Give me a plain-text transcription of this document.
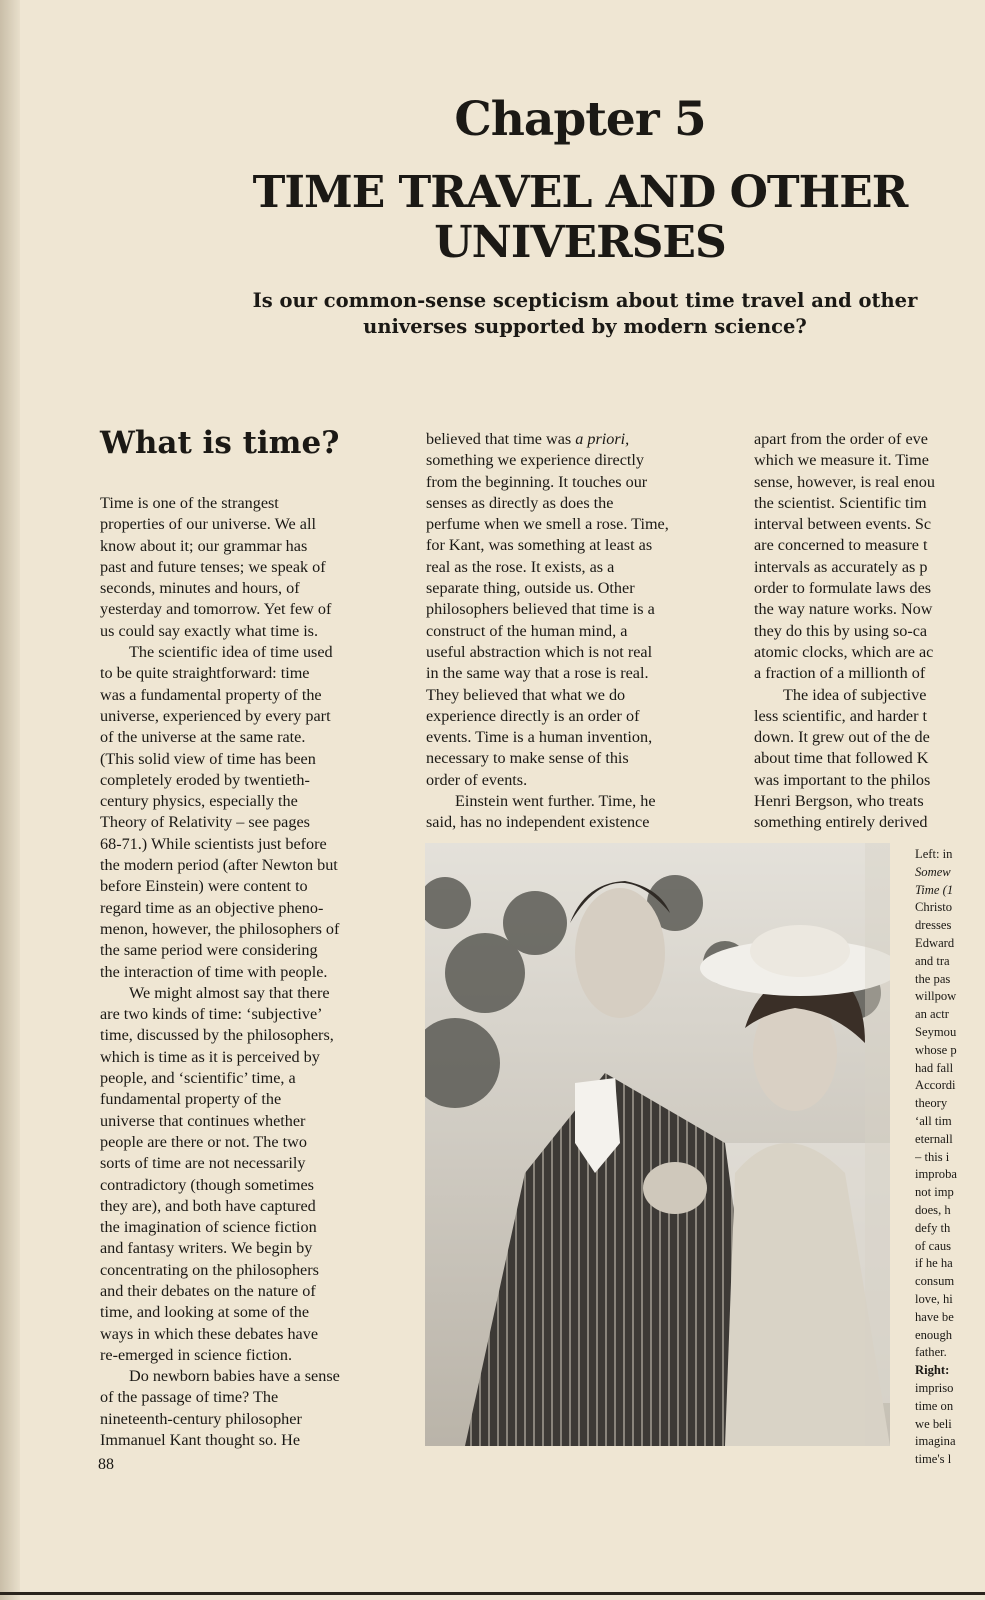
Chapter 5
TIME TRAVEL AND OTHER
UNIVERSES
Is our common-sense scepticism about time travel and other
universes supported by modern science?
What is time?
Time is one of the strangest
properties of our universe. We all
know about it; our grammar has
past and future tenses; we speak of
seconds, minutes and hours, of
yesterday and tomorrow. Yet few of
us could say exactly what time is.
The scientific idea of time used
to be quite straightforward: time
was a fundamental property of the
universe, experienced by every part
of the universe at the same rate.
(This solid view of time has been
completely eroded by twentieth-
century physics, especially the
Theory of Relativity – see pages
68-71.) While scientists just before
the modern period (after Newton but
before Einstein) were content to
regard time as an objective pheno-
menon, however, the philosophers of
the same period were considering
the interaction of time with people.
We might almost say that there
are two kinds of time: ‘subjective’
time, discussed by the philosophers,
which is time as it is perceived by
people, and ‘scientific’ time, a
fundamental property of the
universe that continues whether
people are there or not. The two
sorts of time are not necessarily
contradictory (though sometimes
they are), and both have captured
the imagination of science fiction
and fantasy writers. We begin by
concentrating on the philosophers
and their debates on the nature of
time, and looking at some of the
ways in which these debates have
re-emerged in science fiction.
Do newborn babies have a sense
of the passage of time? The
nineteenth-century philosopher
Immanuel Kant thought so. He
believed that time was a priori,
something we experience directly
from the beginning. It touches our
senses as directly as does the
perfume when we smell a rose. Time,
for Kant, was something at least as
real as the rose. It exists, as a
separate thing, outside us. Other
philosophers believed that time is a
construct of the human mind, a
useful abstraction which is not real
in the same way that a rose is real.
They believed that what we do
experience directly is an order of
events. Time is a human invention,
necessary to make sense of this
order of events.
Einstein went further. Time, he
said, has no independent existence
apart from the order of eve
which we measure it. Time
sense, however, is real enou
the scientist. Scientific tim
interval between events. Sc
are concerned to measure t
intervals as accurately as p
order to formulate laws des
the way nature works. Now
they do this by using so-ca
atomic clocks, which are ac
a fraction of a millionth of
The idea of subjective
less scientific, and harder t
down. It grew out of the de
about time that followed K
was important to the philos
Henri Bergson, who treats
something entirely derived
Left: in
Somew
Time (1
Christo
dresses
Edward
and tra
the pas
willpow
an actr
Seymou
whose p
had fall
Accordi
theory
‘all tim
eternall
– this i
improba
not imp
does, h
defy th
of caus
if he ha
consum
love, hi
have be
enough
father.
Right:
impriso
time on
we beli
imagina
time's l
88
